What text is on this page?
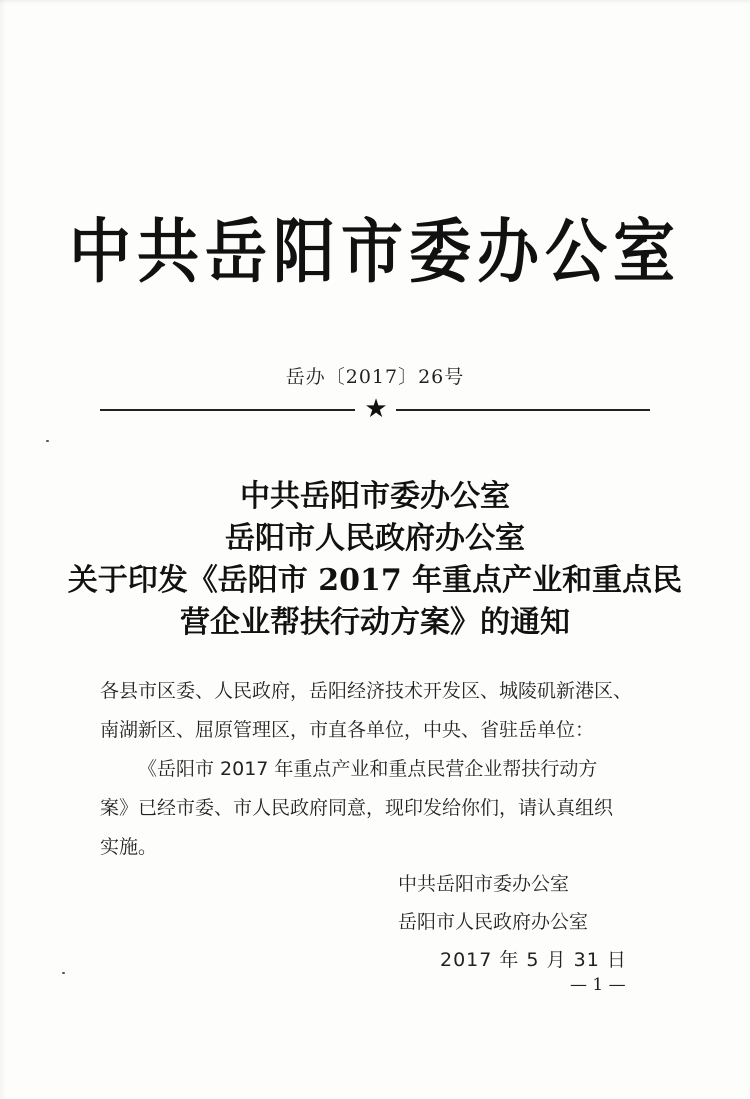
中共岳阳市委办公室
岳办〔2017〕26号
★
中共岳阳市委办公室
岳阳市人民政府办公室
关于印发《岳阳市 2017 年重点产业和重点民
营企业帮扶行动方案》的通知

各县市区委、人民政府，岳阳经济技术开发区、城陵矶新港区、

南湖新区、屈原管理区，市直各单位，中央、省驻岳单位：

《岳阳市 2017 年重点产业和重点民营企业帮扶行动方

案》已经市委、市人民政府同意，现印发给你们，请认真组织

实施。

中共岳阳市委办公室
岳阳市人民政府办公室
2017 年 5 月 31 日
— 1 —
